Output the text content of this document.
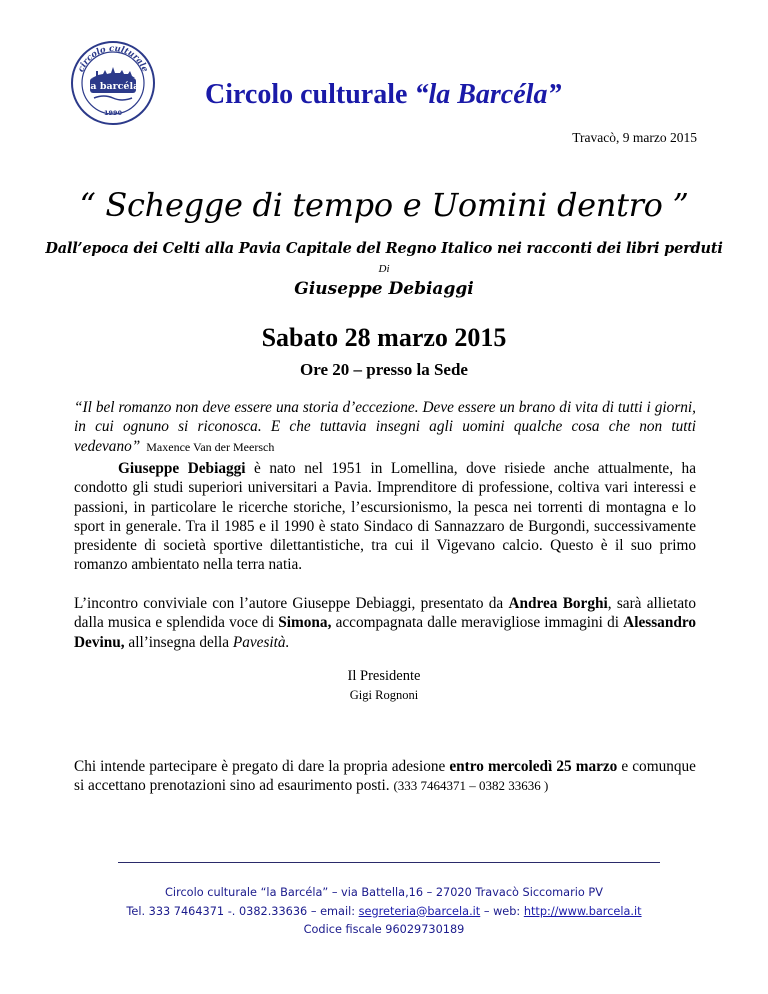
circolo culturale
la barcéla
1990
Circolo culturale “la Barcéla”
Travacò, 9 marzo 2015
“ Schegge di tempo e Uomini dentro ”
Dall’epoca dei Celti alla Pavia Capitale del Regno Italico nei racconti dei libri perduti
Di
Giuseppe Debiaggi
Sabato 28 marzo 2015
Ore 20 – presso la Sede
“Il bel romanzo non deve essere una storia d’eccezione. Deve essere un brano di vita di tutti i giorni, in cui ognuno si riconosca. E che tuttavia insegni agli uomini qualche cosa che non tutti vedevano” Maxence Van der Meersch
Giuseppe Debiaggi è nato nel 1951 in Lomellina, dove risiede anche attualmente, ha condotto gli studi superiori universitari a Pavia. Imprenditore di professione, coltiva vari interessi e passioni, in particolare le ricerche storiche, l’escursionismo, la pesca nei torrenti di montagna e lo sport in generale. Tra il 1985 e il 1990 è stato Sindaco di Sannazzaro de Burgondi, successivamente presidente di società sportive dilettantistiche, tra cui il Vigevano calcio. Questo è il suo primo romanzo ambientato nella terra natia.
L’incontro conviviale con l’autore Giuseppe Debiaggi, presentato da Andrea Borghi, sarà allietato dalla musica e splendida voce di Simona, accompagnata dalle meravigliose immagini di Alessandro Devinu, all’insegna della Pavesità.
Il Presidente
Gigi Rognoni
Chi intende partecipare è pregato di dare la propria adesione entro mercoledì 25 marzo e comunque si accettano prenotazioni sino ad esaurimento posti. (333 7464371 – 0382 33636 )
Circolo culturale “la Barcéla” – via Battella,16 – 27020 Travacò Siccomario PV
Tel. 333 7464371 -. 0382.33636 – email: segreteria@barcela.it – web: http://www.barcela.it
Codice fiscale 96029730189
